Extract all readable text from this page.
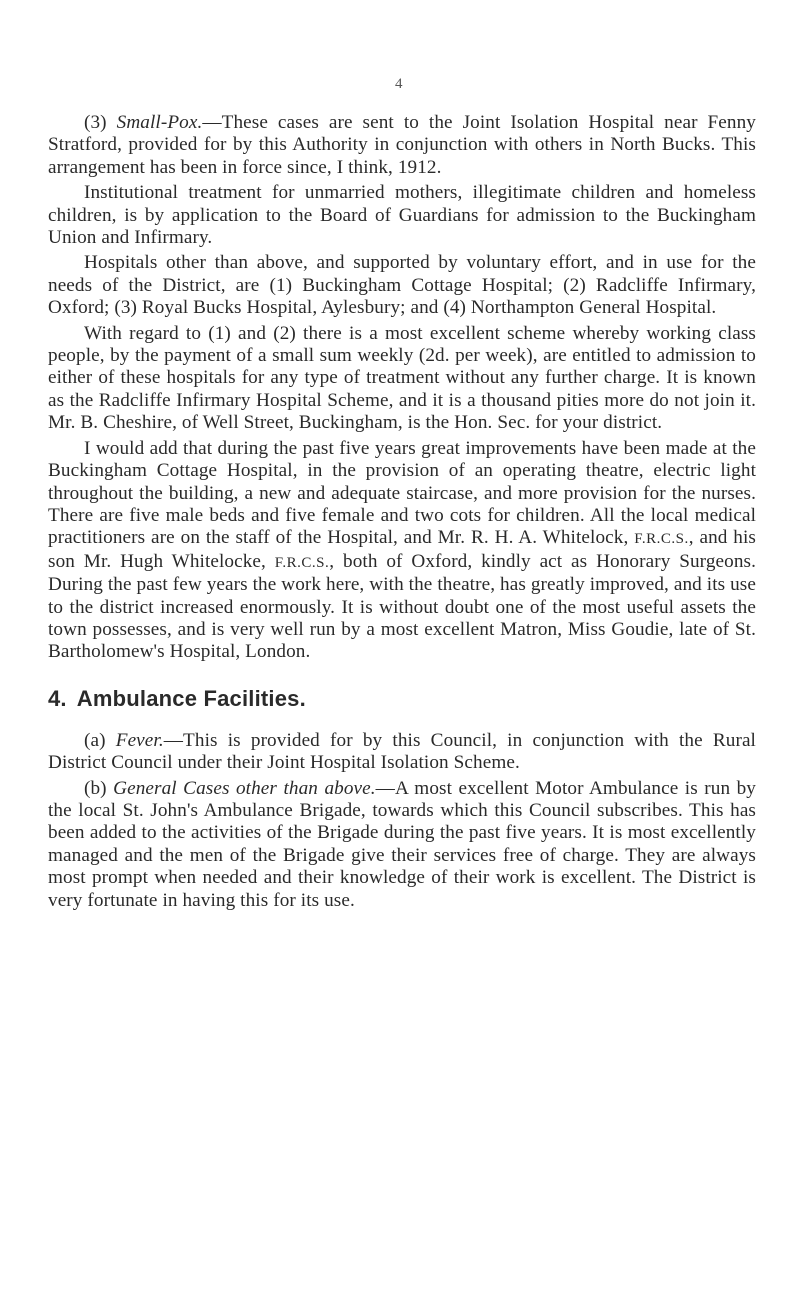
4

(3) Small-Pox.—These cases are sent to the Joint Isolation Hospital near Fenny Stratford, provided for by this Authority in conjunction with others in North Bucks. This arrangement has been in force since, I think, 1912.

Institutional treatment for unmarried mothers, illegitimate children and homeless children, is by application to the Board of Guardians for admission to the Buckingham Union and Infirmary.

Hospitals other than above, and supported by voluntary effort, and in use for the needs of the District, are (1) Buckingham Cottage Hospital; (2) Radcliffe Infirmary, Oxford; (3) Royal Bucks Hospital, Aylesbury; and (4) Northampton General Hospital.

With regard to (1) and (2) there is a most excellent scheme whereby working class people, by the payment of a small sum weekly (2d. per week), are entitled to admission to either of these hospitals for any type of treatment without any further charge. It is known as the Radcliffe Infirmary Hospital Scheme, and it is a thousand pities more do not join it. Mr. B. Cheshire, of Well Street, Buckingham, is the Hon. Sec. for your district.

I would add that during the past five years great improvements have been made at the Buckingham Cottage Hospital, in the provision of an operating theatre, electric light throughout the building, a new and adequate staircase, and more provision for the nurses. There are five male beds and five female and two cots for children. All the local medical practitioners are on the staff of the Hospital, and Mr. R. H. A. Whitelock, F.R.C.S., and his son Mr. Hugh Whitelocke, F.R.C.S., both of Oxford, kindly act as Honorary Surgeons. During the past few years the work here, with the theatre, has greatly improved, and its use to the district increased enormously. It is without doubt one of the most useful assets the town possesses, and is very well run by a most excellent Matron, Miss Goudie, late of St. Bartholomew's Hospital, London.

4. Ambulance Facilities.

(a) Fever.—This is provided for by this Council, in conjunction with the Rural District Council under their Joint Hospital Isolation Scheme.

(b) General Cases other than above.—A most excellent Motor Ambulance is run by the local St. John's Ambulance Brigade, towards which this Council subscribes. This has been added to the activities of the Brigade during the past five years. It is most excellently managed and the men of the Brigade give their services free of charge. They are always most prompt when needed and their knowledge of their work is excellent. The District is very fortunate in having this for its use.
